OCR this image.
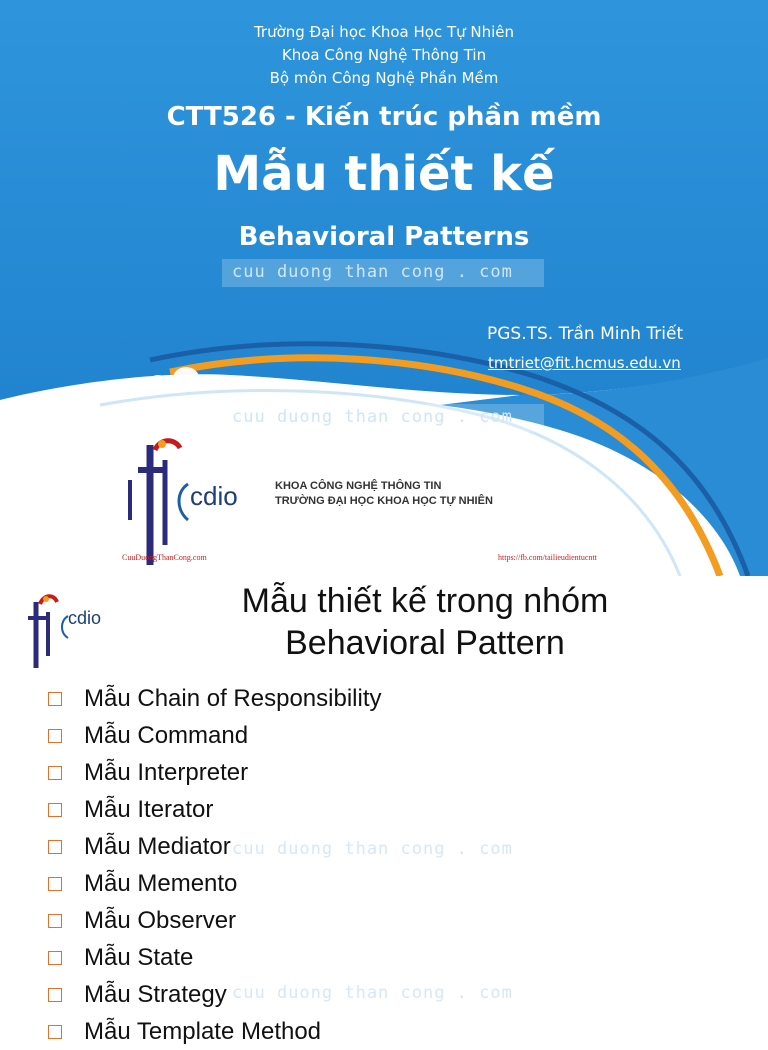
Trường Đại học Khoa Học Tự Nhiên
Khoa Công Nghệ Thông Tin
Bộ môn Công Nghệ Phần Mềm
CTT526 - Kiến trúc phần mềm
Mẫu thiết kế
Behavioral Patterns
cuu duong than cong . com
PGS.TS. Trần Minh Triết
tmtriet@fit.hcmus.edu.vn
cuu duong than cong . com
cdio	KHOA CÔNG NGHỆ THÔNG TIN
TRƯỜNG ĐẠI HỌC KHOA HỌC TỰ NHIÊN
CuuDuongThanCong.com	https://fb.com/tailieudientucntt
cdio	Mẫu thiết kế trong nhóm
Behavioral Pattern
cuu duong than cong . com
cuu duong than cong . com
Mẫu Chain of Responsibility
Mẫu Command
Mẫu Interpreter
Mẫu Iterator
Mẫu Mediator
Mẫu Memento
Mẫu Observer
Mẫu State
Mẫu Strategy
Mẫu Template Method
